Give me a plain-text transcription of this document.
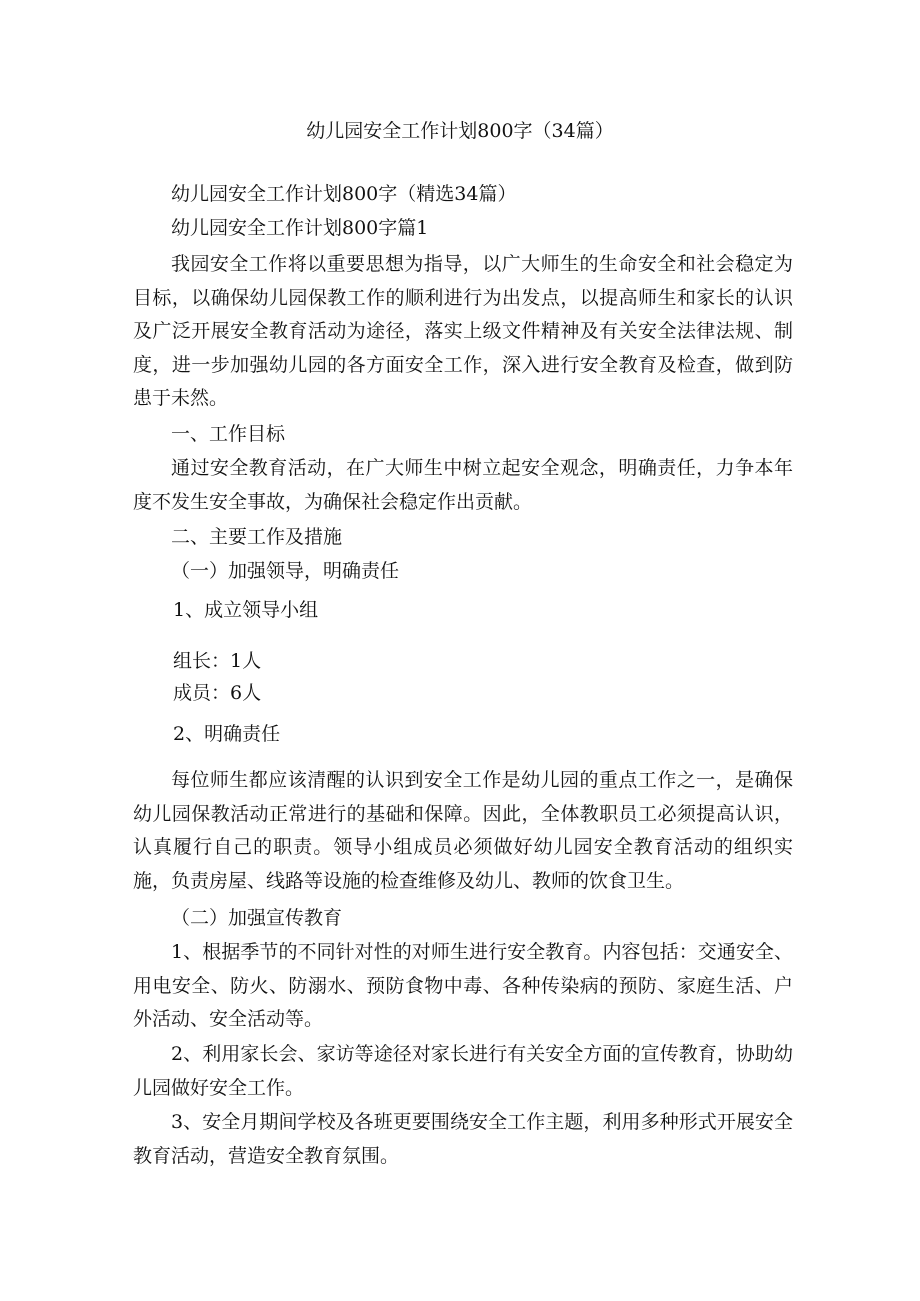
幼儿园安全工作计划800字（34篇）
幼儿园安全工作计划800字（精选34篇）
幼儿园安全工作计划800字篇1
我园安全工作将以重要思想为指导，以广大师生的生命安全和社会稳定为目标，以确保幼儿园保教工作的顺利进行为出发点，以提高师生和家长的认识及广泛开展安全教育活动为途径，落实上级文件精神及有关安全法律法规、制度，进一步加强幼儿园的各方面安全工作，深入进行安全教育及检查，做到防患于未然。
一、工作目标
通过安全教育活动，在广大师生中树立起安全观念，明确责任，力争本年度不发生安全事故，为确保社会稳定作出贡献。
二、主要工作及措施
（一）加强领导，明确责任
1、成立领导小组
组长：1人
成员：6人
2、明确责任
每位师生都应该清醒的认识到安全工作是幼儿园的重点工作之一，是确保幼儿园保教活动正常进行的基础和保障。因此，全体教职员工必须提高认识，认真履行自己的职责。领导小组成员必须做好幼儿园安全教育活动的组织实施，负责房屋、线路等设施的检查维修及幼儿、教师的饮食卫生。
（二）加强宣传教育
1、根据季节的不同针对性的对师生进行安全教育。内容包括：交通安全、用电安全、防火、防溺水、预防食物中毒、各种传染病的预防、家庭生活、户外活动、安全活动等。
2、利用家长会、家访等途径对家长进行有关安全方面的宣传教育，协助幼儿园做好安全工作。
3、安全月期间学校及各班更要围绕安全工作主题，利用多种形式开展安全教育活动，营造安全教育氛围。
